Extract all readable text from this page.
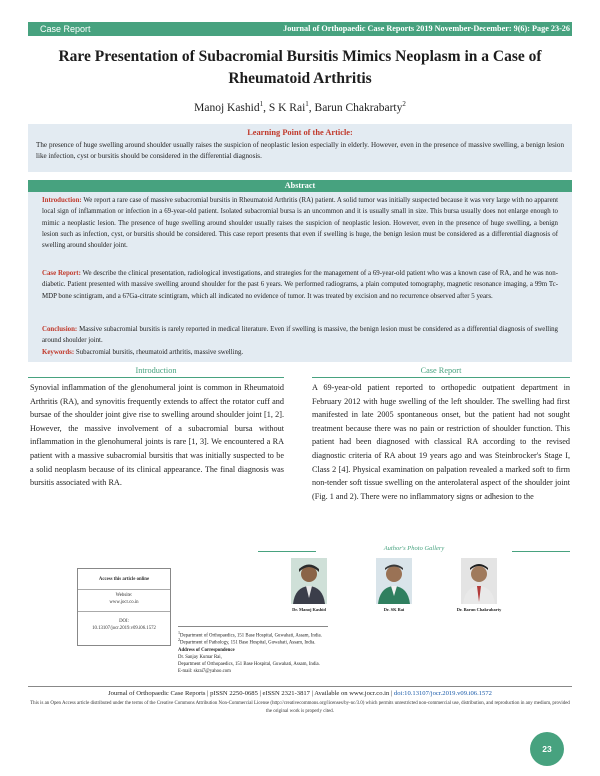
Case Report	Journal of Orthopaedic Case Reports 2019 November-December: 9(6): Page 23-26
Rare Presentation of Subacromial Bursitis Mimics Neoplasm in a Case of Rheumatoid Arthritis
Manoj Kashid$^1$, S K Rai$^1$, Barun Chakrabarty$^2$
Learning Point of the Article:
The presence of huge swelling around shoulder usually raises the suspicion of neoplastic lesion especially in elderly. However, even in the presence of massive swelling, a benign lesion like infection, cyst or bursitis should be considered in the differential diagnosis.
Abstract
Introduction: We report a rare case of massive subacromial bursitis in Rheumatoid Arthritis (RA) patient. A solid tumor was initially suspected because it was very large with no apparent local sign of inflammation or infection in a 69-year-old patient. Isolated subacromial bursa is an uncommon and it is usually small in size. This bursa usually does not enlarge enough to mimic a neoplastic lesion. The presence of huge swelling around shoulder usually raises the suspicion of neoplastic lesion. However, even in the presence of huge swelling, a benign lesion such as infection, cyst, or bursitis should be considered. This case report presents that even if swelling is huge, the benign lesion must be considered as a differential diagnosis of swelling around shoulder joint.
Case Report: We describe the clinical presentation, radiological investigations, and strategies for the management of a 69-year-old patient who was a known case of RA, and he was non-diabetic. Patient presented with massive swelling around shoulder for the past 6 years. We performed radiograms, a plain computed tomography, magnetic resonance imaging, a 99m Tc-MDP bone scintigram, and a 67Ga-citrate scintigram, which all indicated no evidence of tumor. It was treated by excision and no recurrence observed after 5 years.
Conclusion: Massive subacromial bursitis is rarely reported in medical literature. Even if swelling is massive, the benign lesion must be considered as a differential diagnosis of swelling around shoulder joint.
Keywords: Subacromial bursitis, rheumatoid arthritis, massive swelling.
Introduction
Synovial inflammation of the glenohumeral joint is common in Rheumatoid Arthritis (RA), and synovitis frequently extends to affect the rotator cuff and bursae of the shoulder joint give rise to swelling around shoulder joint [1, 2]. However, the massive involvement of a subacromial bursa without inflammation in the glenohumeral joints is rare [1, 3]. We encountered a RA patient with a massive subacromial bursitis that was initially suspected to be a solid neoplasm because of its clinical appearance. The final diagnosis was bursitis associated with RA.
Case Report
A 69-year-old patient reported to orthopedic outpatient department in February 2012 with huge swelling of the left shoulder. The swelling had first manifested in late 2005 spontaneous onset, but the patient had not sought treatment because there was no pain or restriction of shoulder function. This patient had been diagnosed with classical RA according to the revised diagnostic criteria of RA about 19 years ago and was Steinbrocker's Stage I, Class 2 [4]. Physical examination on palpation revealed a marked soft to firm non-tender soft tissue swelling on the anterolateral aspect of the shoulder joint (Fig. 1 and 2). There were no inflammatory signs or adhesion to the
Access this article online
Website:
www.jocr.co.in
DOI:
10.13107/jocr.2019.v09.i06.1572
Author's Photo Gallery
Dr. Manoj Kashid	Dr. SK Rai	Dr. Barun Chakrabarty
$^1$Department of Orthopaedics, 151 Base Hospital, Guwahati, Assam, India.
$^2$Department of Pathology, 151 Base Hospital, Guwahati, Assam, India.
Address of Correspondence
Dr. Sanjay Kumar Rai,
Department of Orthopaedics, 151 Base Hospital, Guwahati, Assam, India.
E-mail: skrai7@yahoo.com
Journal of Orthopaedic Case Reports | pISSN 2250-0685 | eISSN 2321-3817 | Available on www.jocr.co.in | doi:10.13107/jocr.2019.v09.i06.1572
This is an Open Access article distributed under the terms of the Creative Commons Attribution Non-Commercial License (http://creativecommons.org/licenses/by-nc/3.0) which permits unrestricted non-commercial use, distribution, and reproduction in any medium, provided the original work is properly cited.
23
